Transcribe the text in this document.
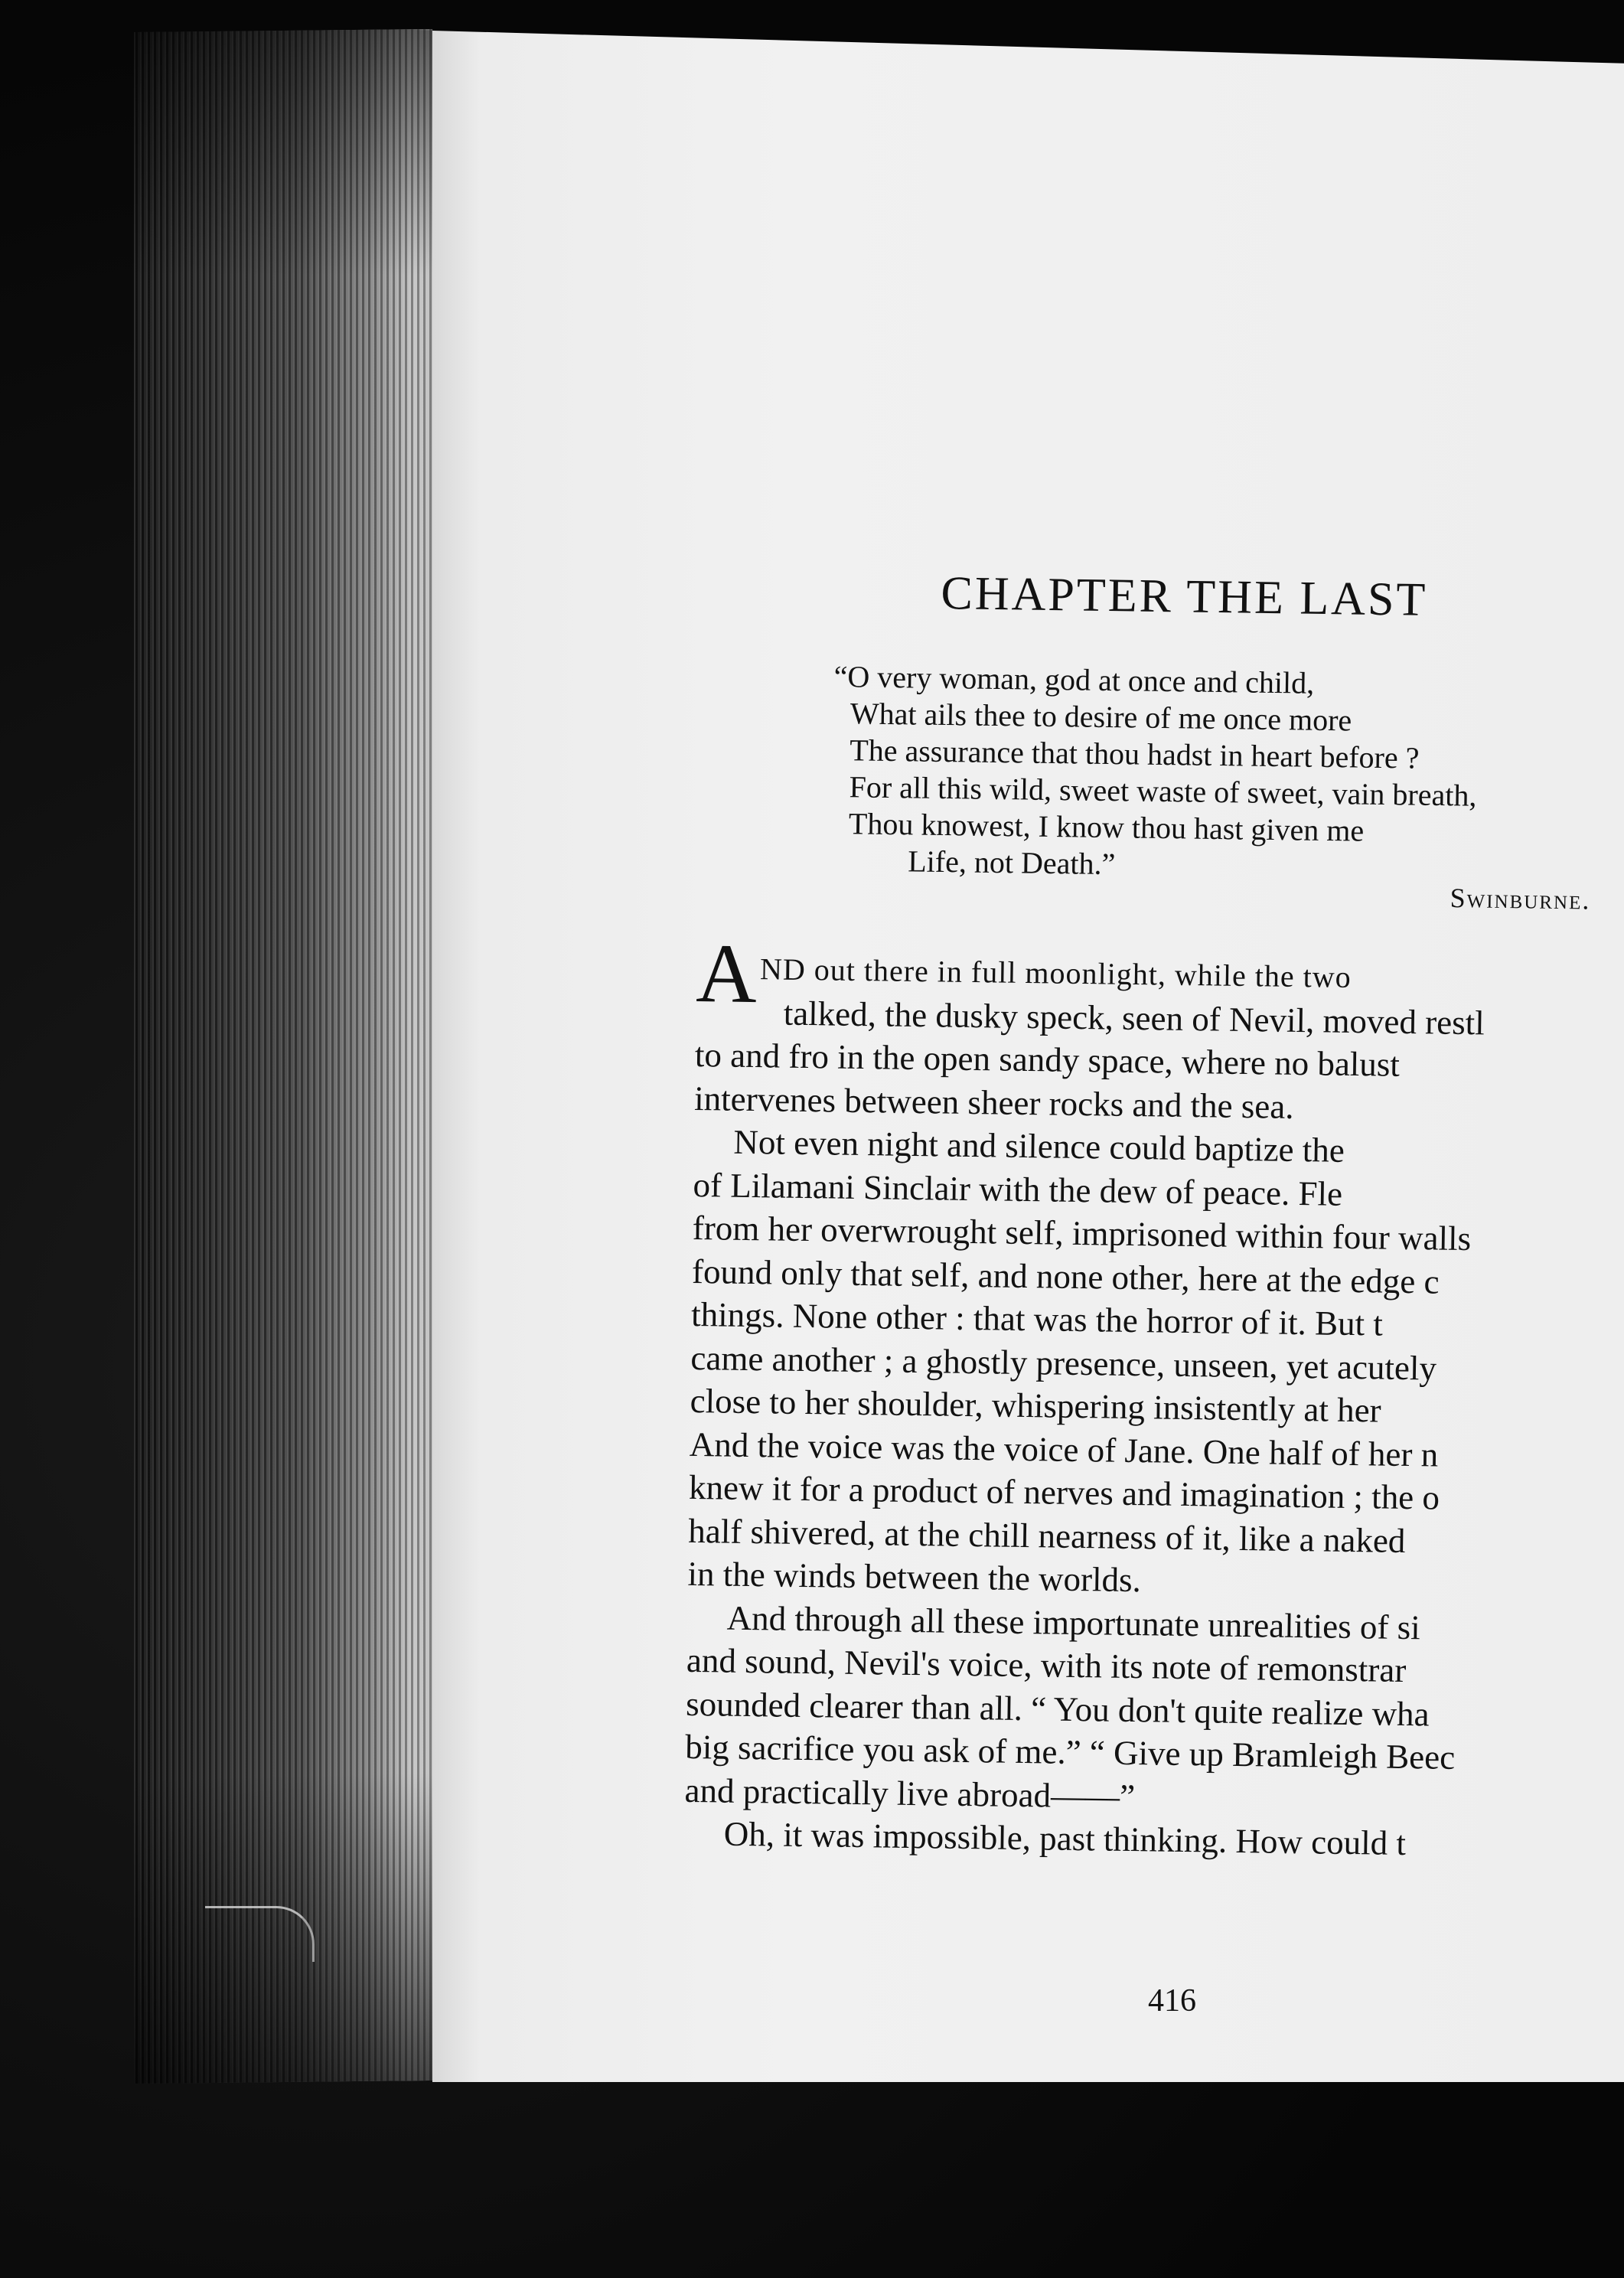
CHAPTER THE LAST
“O very woman, god at once and child,
What ails thee to desire of me once more
The assurance that thou hadst in heart before ?
For all this wild, sweet waste of sweet, vain breath,
Thou knowest, I know thou hast given me
Life, not Death.”
Swinburne.
AND out there in full moonlight, while the two
talked, the dusky speck, seen of Nevil, moved restl
to and fro in the open sandy space, where no balust
intervenes between sheer rocks and the sea.
Not even night and silence could baptize the
of Lilamani Sinclair with the dew of peace. Fle
from her overwrought self, imprisoned within four walls
found only that self, and none other, here at the edge c
things. None other : that was the horror of it. But t
came another ; a ghostly presence, unseen, yet acutely
close to her shoulder, whispering insistently at her
And the voice was the voice of Jane. One half of her n
knew it for a product of nerves and imagination ; the o
half shivered, at the chill nearness of it, like a naked
in the winds between the worlds.
And through all these importunate unrealities of si
and sound, Nevil's voice, with its note of remonstrar
sounded clearer than all. “ You don't quite realize wha
big sacrifice you ask of me.” “ Give up Bramleigh Beec
and practically live abroad——”
Oh, it was impossible, past thinking. How could t
416
